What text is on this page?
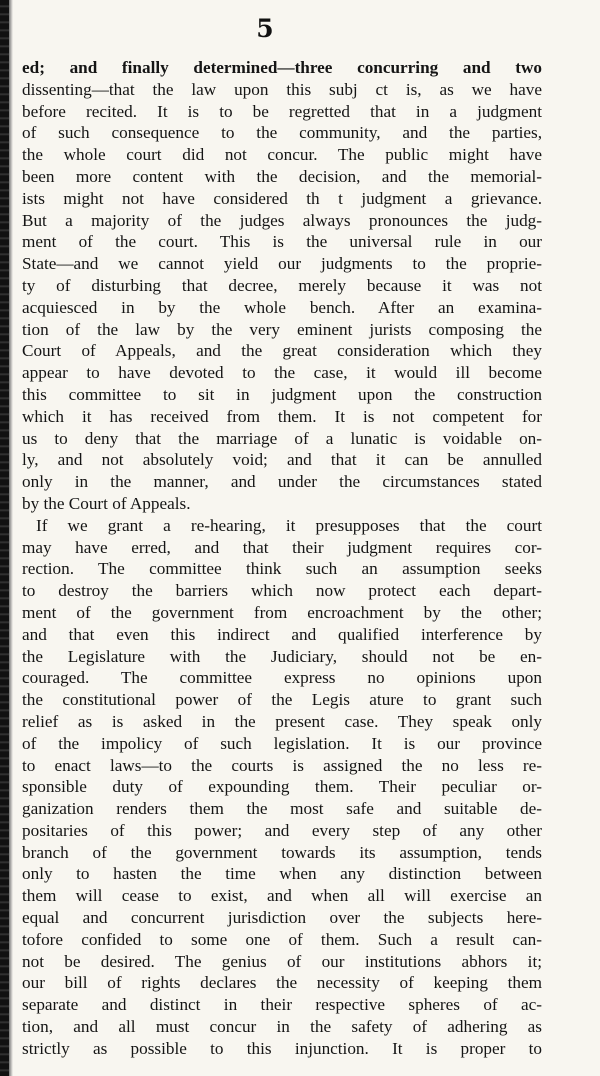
5
ed; and finally determined—three concurring and two
dissenting—that the law upon this subj ct is, as we have
before recited. It is to be regretted that in a judgment
of such consequence to the community, and the parties,
the whole court did not concur. The public might have
been more content with the decision, and the memorial-
ists might not have considered th t judgment a grievance.
But a majority of the judges always pronounces the judg-
ment of the court. This is the universal rule in our
State—and we cannot yield our judgments to the proprie-
ty of disturbing that decree, merely because it was not
acquiesced in by the whole bench. After an examina-
tion of the law by the very eminent jurists composing the
Court of Appeals, and the great consideration which they
appear to have devoted to the case, it would ill become
this committee to sit in judgment upon the construction
which it has received from them. It is not competent for
us to deny that the marriage of a lunatic is voidable on-
ly, and not absolutely void; and that it can be annulled
only in the manner, and under the circumstances stated
by the Court of Appeals.
If we grant a re-hearing, it presupposes that the court
may have erred, and that their judgment requires cor-
rection. The committee think such an assumption seeks
to destroy the barriers which now protect each depart-
ment of the government from encroachment by the other;
and that even this indirect and qualified interference by
the Legislature with the Judiciary, should not be en-
couraged. The committee express no opinions upon
the constitutional power of the Legis ature to grant such
relief as is asked in the present case. They speak only
of the impolicy of such legislation. It is our province
to enact laws—to the courts is assigned the no less re-
sponsible duty of expounding them. Their peculiar or-
ganization renders them the most safe and suitable de-
positaries of this power; and every step of any other
branch of the government towards its assumption, tends
only to hasten the time when any distinction between
them will cease to exist, and when all will exercise an
equal and concurrent jurisdiction over the subjects here-
tofore confided to some one of them. Such a result can-
not be desired. The genius of our institutions abhors it;
our bill of rights declares the necessity of keeping them
separate and distinct in their respective spheres of ac-
tion, and all must concur in the safety of adhering as
strictly as possible to this injunction. It is proper to
